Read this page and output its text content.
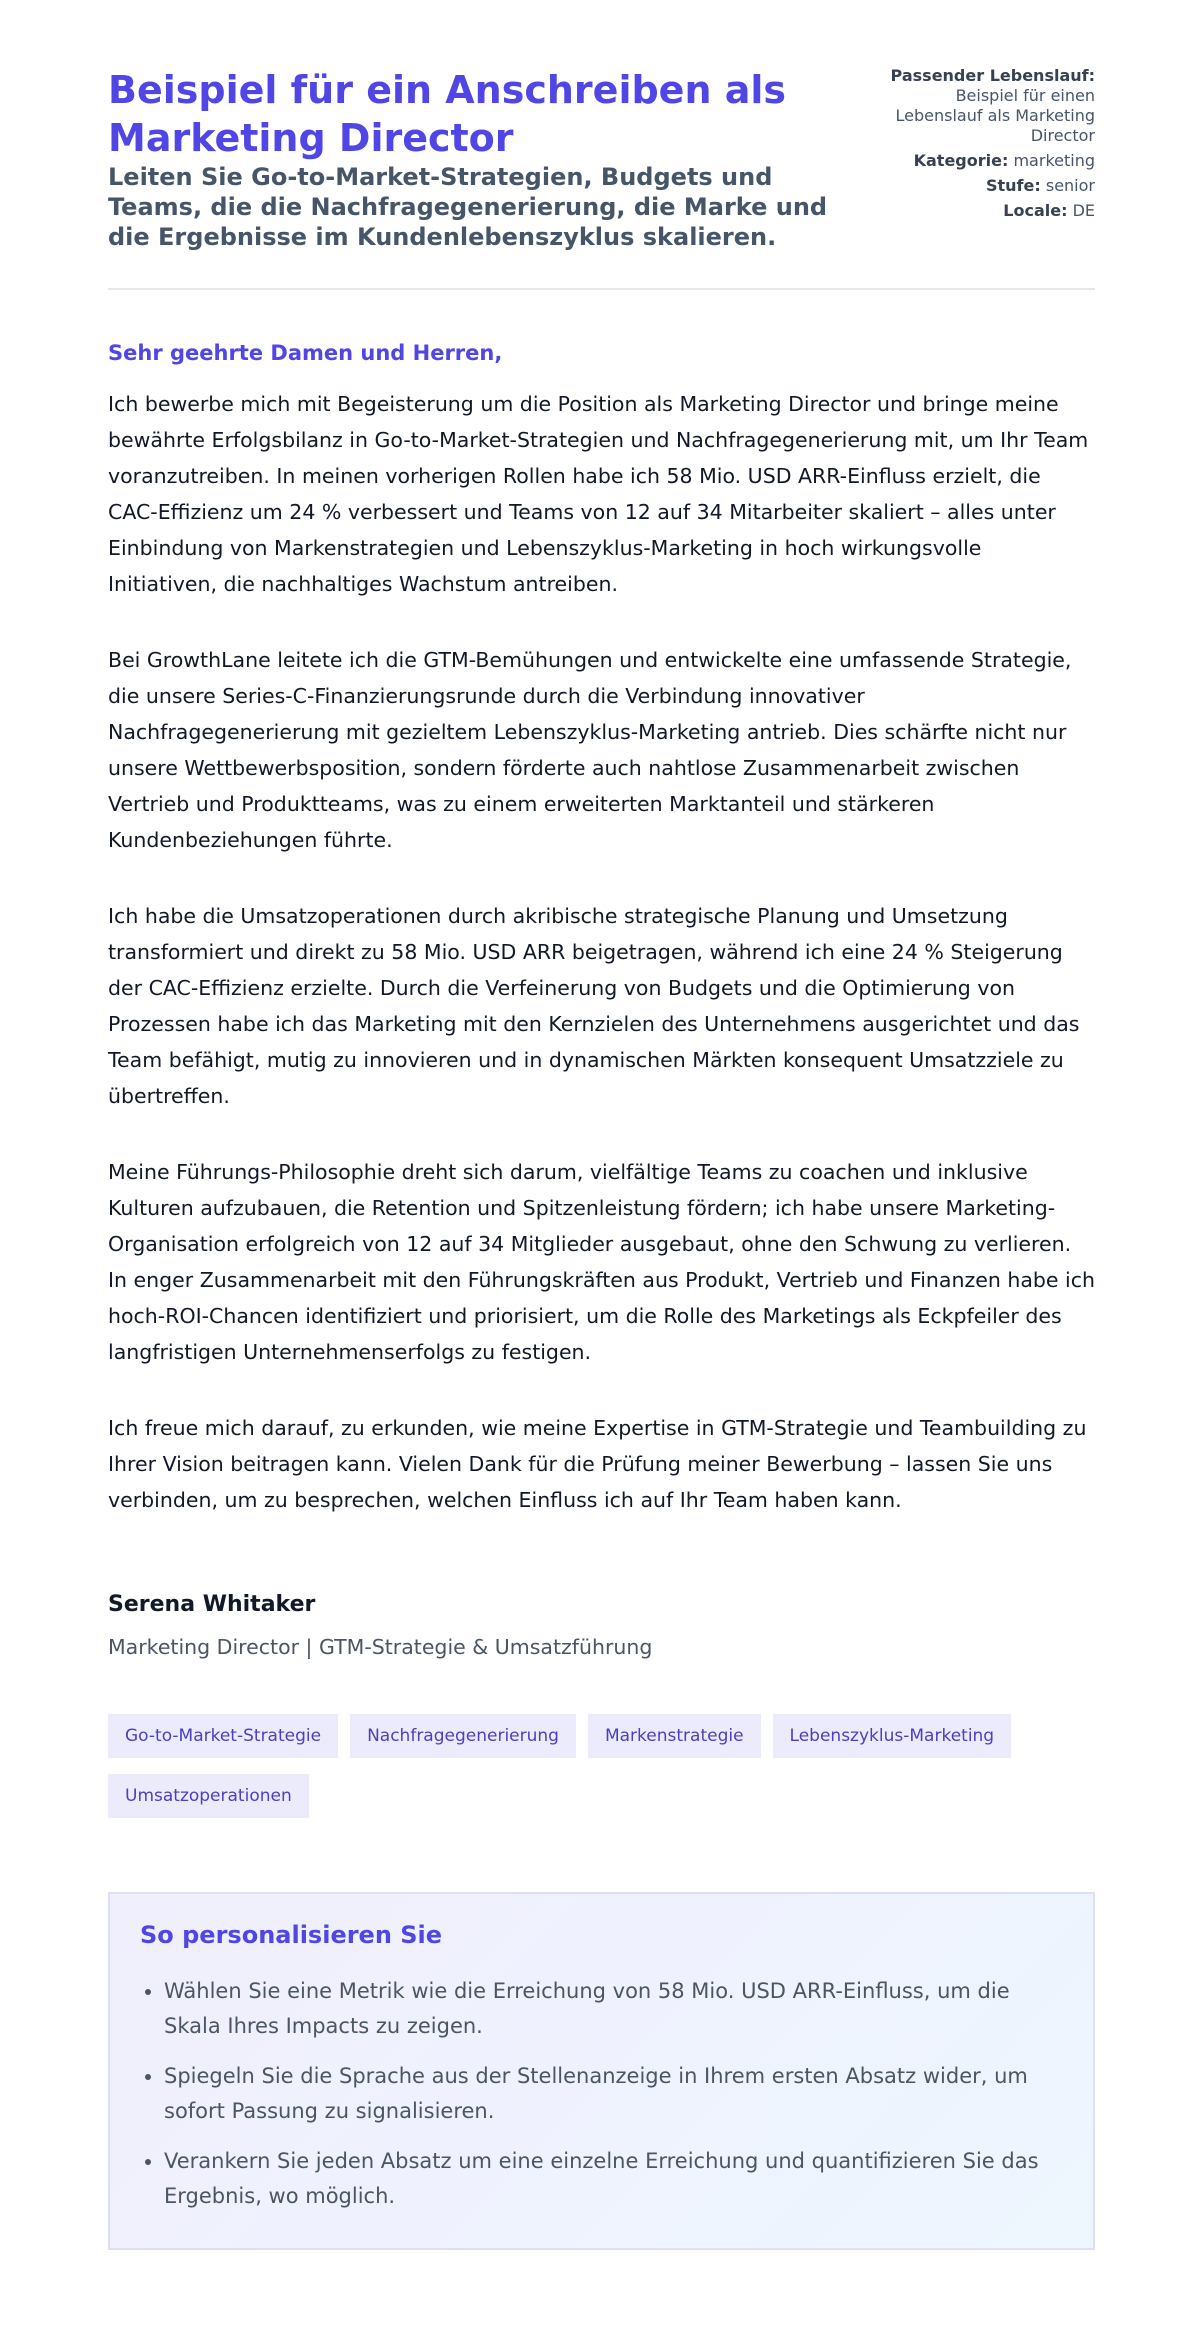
Beispiel für ein Anschreiben als Marketing Director

Leiten Sie Go-to-Market-Strategien, Budgets und Teams, die die Nachfragegenerierung, die Marke und die Ergebnisse im Kundenlebenszyklus skalieren.

Passender Lebenslauf:
Beispiel für einen Lebenslauf als Marketing Director
Kategorie: marketing
Stufe: senior
Locale: DE

Sehr geehrte Damen und Herren,

Ich bewerbe mich mit Begeisterung um die Position als Marketing Director und bringe meine bewährte Erfolgsbilanz in Go-to-Market-Strategien und Nachfragegenerierung mit, um Ihr Team voranzutreiben. In meinen vorherigen Rollen habe ich 58 Mio. USD ARR-Einfluss erzielt, die CAC-Effizienz um 24 % verbessert und Teams von 12 auf 34 Mitarbeiter skaliert – alles unter Einbindung von Markenstrategien und Lebenszyklus-Marketing in hoch wirkungsvolle Initiativen, die nachhaltiges Wachstum antreiben.

Bei GrowthLane leitete ich die GTM-Bemühungen und entwickelte eine umfassende Strategie, die unsere Series-C-Finanzierungsrunde durch die Verbindung innovativer Nachfragegenerierung mit gezieltem Lebenszyklus-Marketing antrieb. Dies schärfte nicht nur unsere Wettbewerbsposition, sondern förderte auch nahtlose Zusammenarbeit zwischen Vertrieb und Produktteams, was zu einem erweiterten Marktanteil und stärkeren Kundenbeziehungen führte.

Ich habe die Umsatzoperationen durch akribische strategische Planung und Umsetzung transformiert und direkt zu 58 Mio. USD ARR beigetragen, während ich eine 24 % Steigerung der CAC-Effizienz erzielte. Durch die Verfeinerung von Budgets und die Optimierung von Prozessen habe ich das Marketing mit den Kernzielen des Unternehmens ausgerichtet und das Team befähigt, mutig zu innovieren und in dynamischen Märkten konsequent Umsatzziele zu übertreffen.

Meine Führungs-Philosophie dreht sich darum, vielfältige Teams zu coachen und inklusive Kulturen aufzubauen, die Retention und Spitzenleistung fördern; ich habe unsere Marketing-Organisation erfolgreich von 12 auf 34 Mitglieder ausgebaut, ohne den Schwung zu verlieren. In enger Zusammenarbeit mit den Führungskräften aus Produkt, Vertrieb und Finanzen habe ich hoch-ROI-Chancen identifiziert und priorisiert, um die Rolle des Marketings als Eckpfeiler des langfristigen Unternehmenserfolgs zu festigen.

Ich freue mich darauf, zu erkunden, wie meine Expertise in GTM-Strategie und Teambuilding zu Ihrer Vision beitragen kann. Vielen Dank für die Prüfung meiner Bewerbung – lassen Sie uns verbinden, um zu besprechen, welchen Einfluss ich auf Ihr Team haben kann.

Serena Whitaker
Marketing Director | GTM-Strategie & Umsatzführung
Go-to-Market-Strategie	Nachfragegenerierung	Markenstrategie	Lebenszyklus-Marketing
Umsatzoperationen
So personalisieren Sie
• Wählen Sie eine Metrik wie die Erreichung von 58 Mio. USD ARR-Einfluss, um die Skala Ihres Impacts zu zeigen.
• Spiegeln Sie die Sprache aus der Stellenanzeige in Ihrem ersten Absatz wider, um sofort Passung zu signalisieren.
• Verankern Sie jeden Absatz um eine einzelne Erreichung und quantifizieren Sie das Ergebnis, wo möglich.
